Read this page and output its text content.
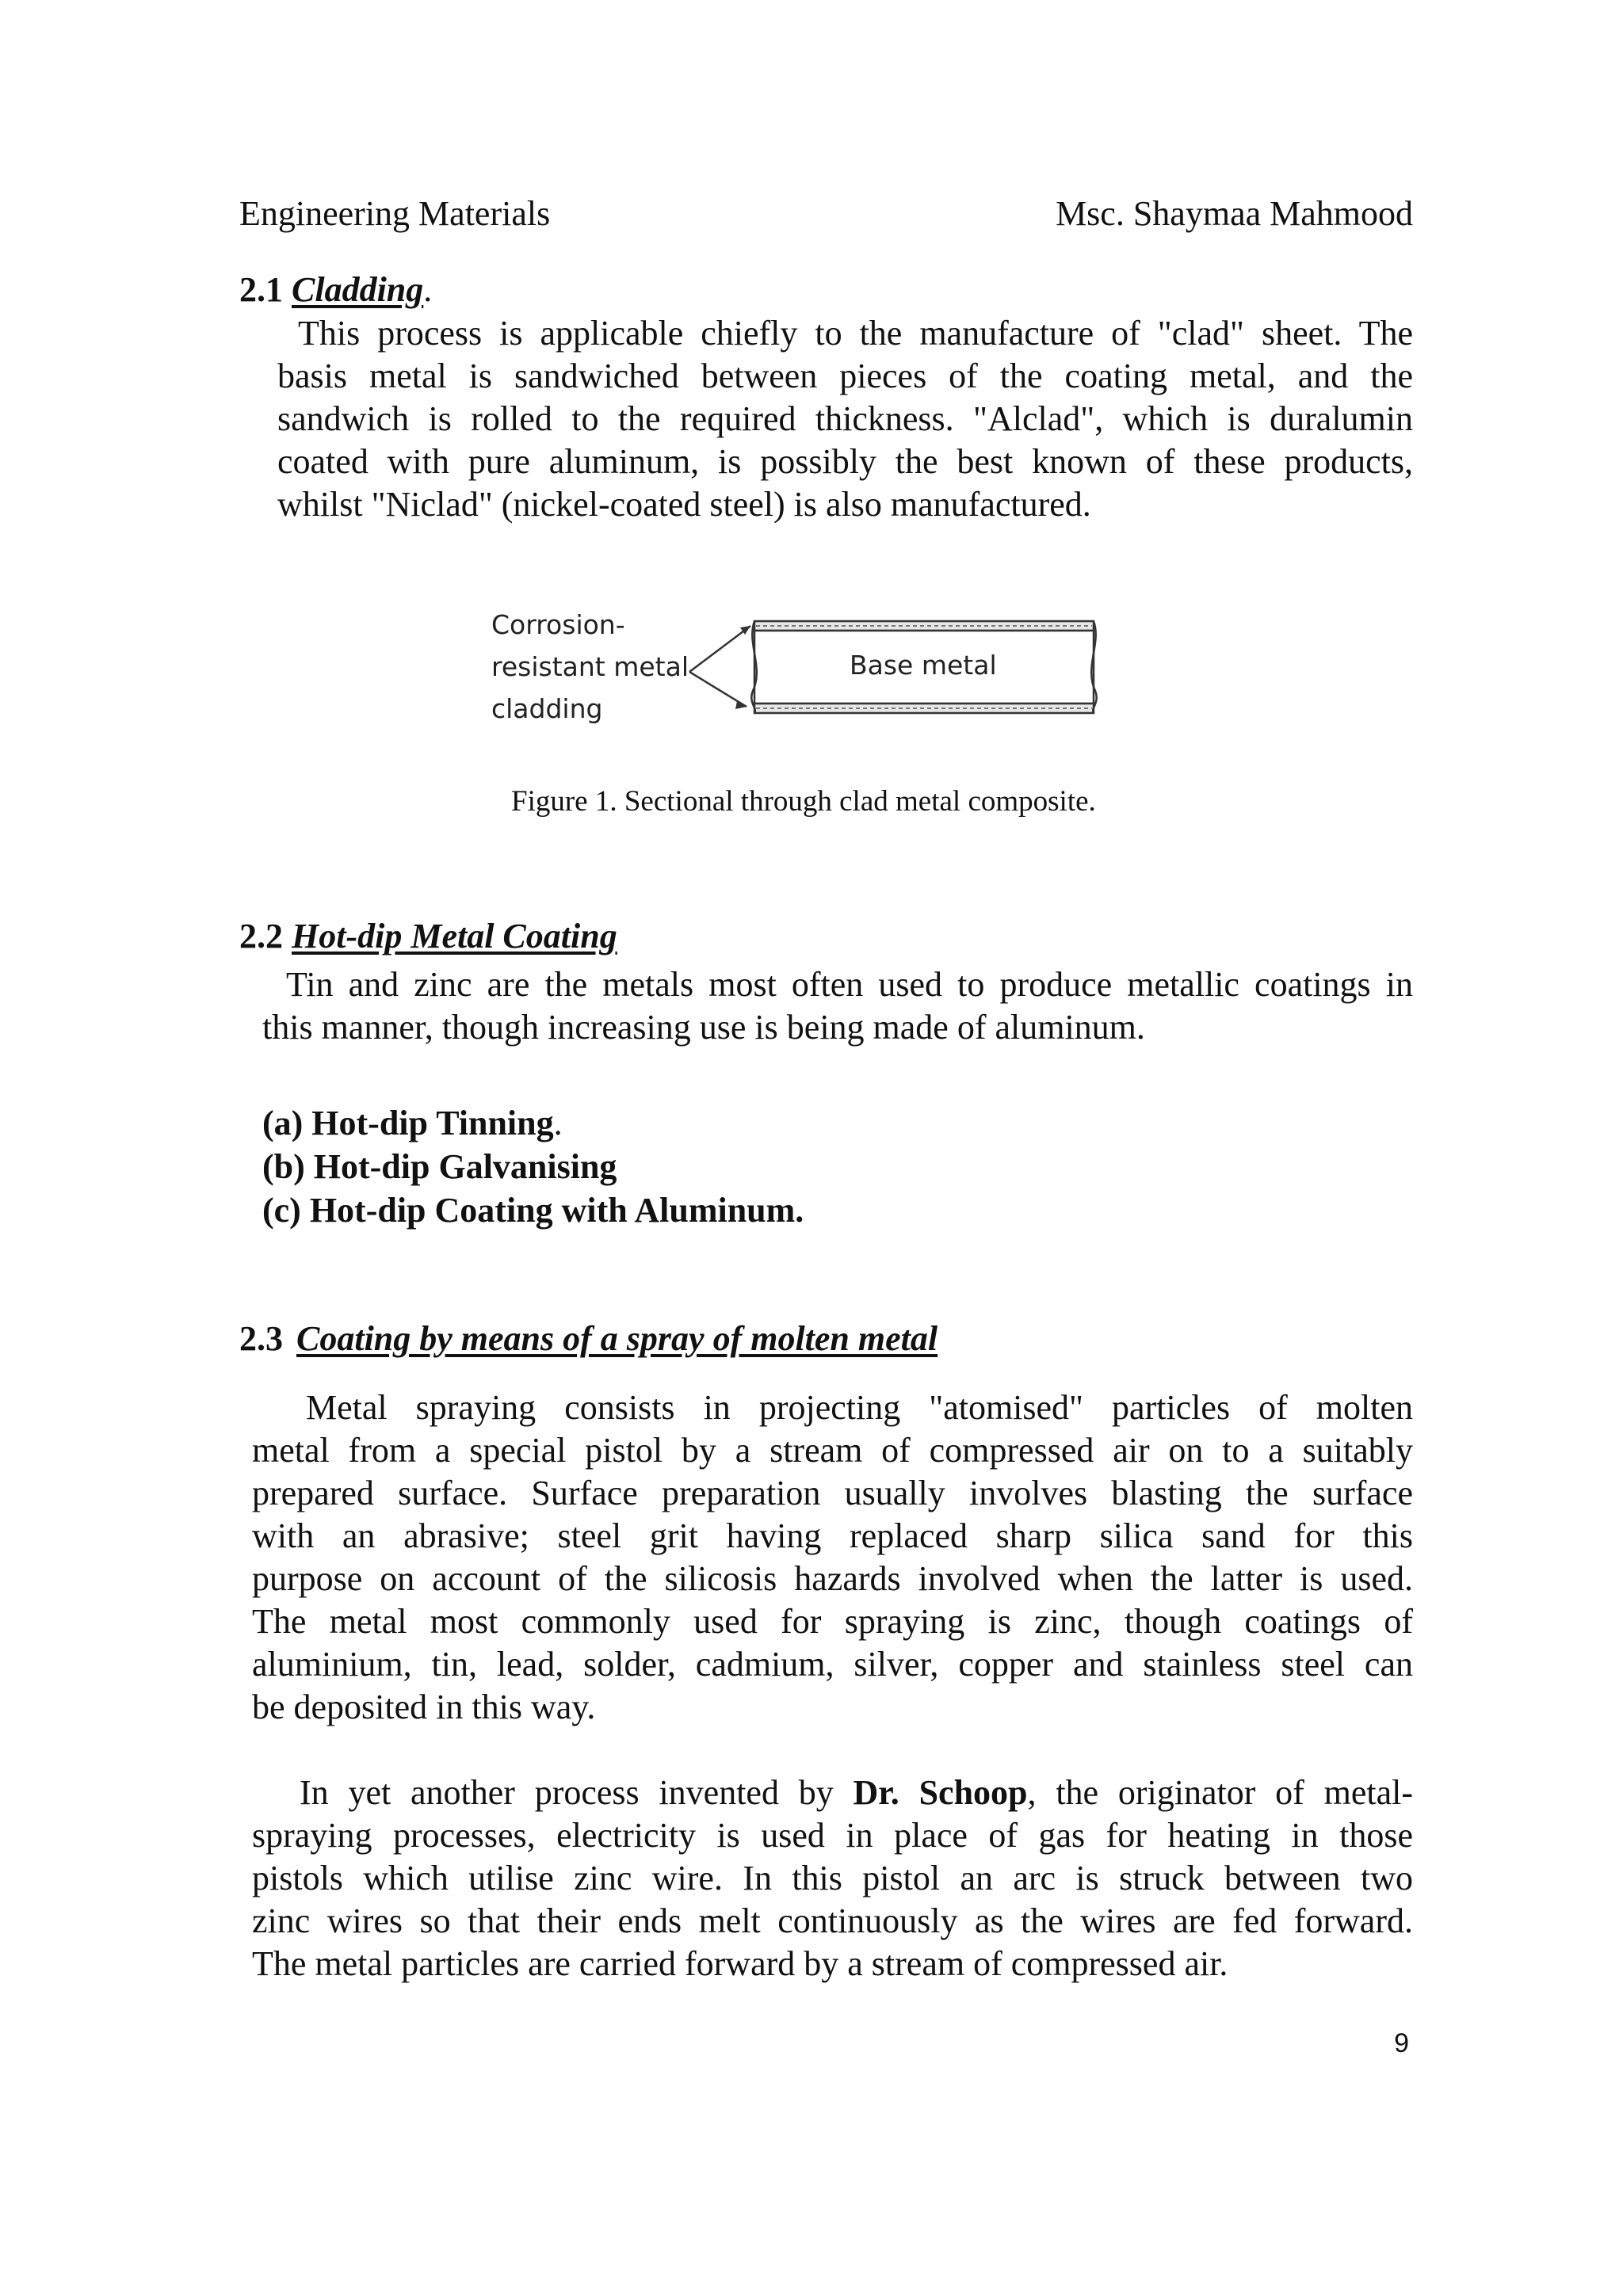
Engineering Materials	Msc. Shaymaa Mahmood
2.1 Cladding.
This process is applicable chiefly to the manufacture of "clad" sheet. The
basis metal is sandwiched between pieces of the coating metal, and the
sandwich is rolled to the required thickness. "Alclad", which is duralumin
coated with pure aluminum, is possibly the best known of these products,
whilst "Niclad" (nickel-coated steel) is also manufactured.
Corrosion-
resistant metal
cladding
Base metal
Figure 1. Sectional through clad metal composite.
2.2 Hot-dip Metal Coating
Tin and zinc are the metals most often used to produce metallic coatings in
this manner, though increasing use is being made of aluminum.
(a) Hot-dip Tinning.
(b) Hot-dip Galvanising
(c) Hot-dip Coating with Aluminum.
2.3 Coating by means of a spray of molten metal
Metal spraying consists in projecting "atomised" particles of molten
metal from a special pistol by a stream of compressed air on to a suitably
prepared surface. Surface preparation usually involves blasting the surface
with an abrasive; steel grit having replaced sharp silica sand for this
purpose on account of the silicosis hazards involved when the latter is used.
The metal most commonly used for spraying is zinc, though coatings of
aluminium, tin, lead, solder, cadmium, silver, copper and stainless steel can
be deposited in this way.
In yet another process invented by Dr. Schoop, the originator of metal-
spraying processes, electricity is used in place of gas for heating in those
pistols which utilise zinc wire. In this pistol an arc is struck between two
zinc wires so that their ends melt continuously as the wires are fed forward.
The metal particles are carried forward by a stream of compressed air.
9
